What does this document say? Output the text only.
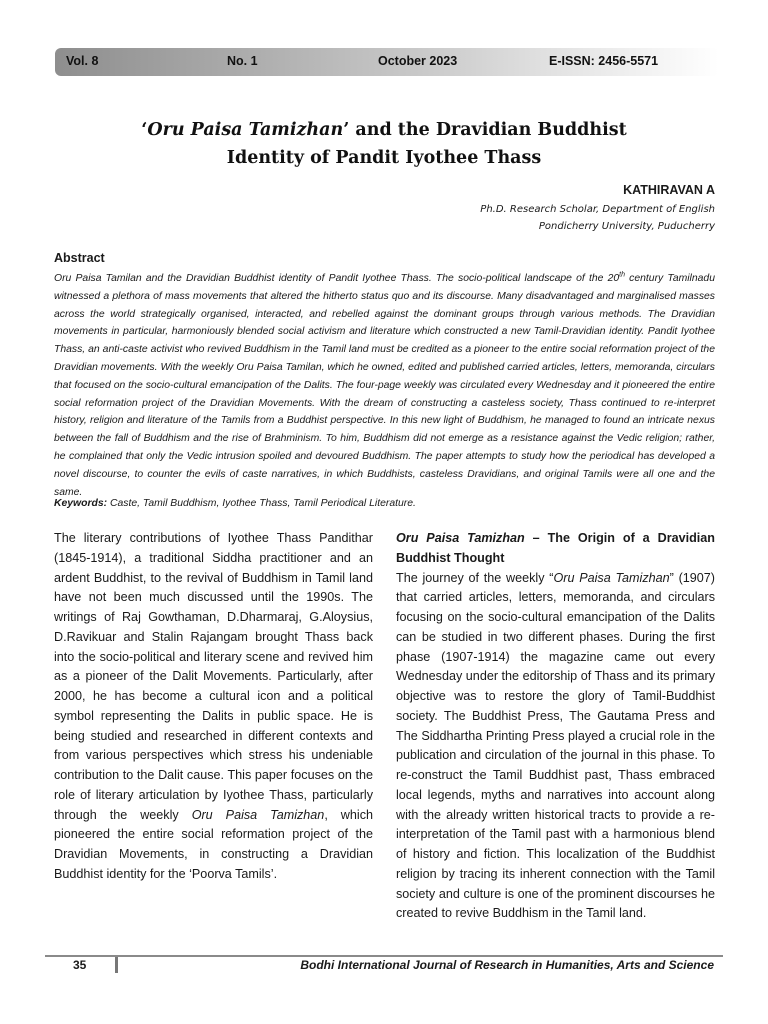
Vol. 8	No. 1	October 2023	E-ISSN: 2456-5571
‘Oru Paisa Tamizhan’ and the Dravidian Buddhist
Identity of Pandit Iyothee Thass
KATHIRAVAN A
Ph.D. Research Scholar, Department of English
Pondicherry University, Puducherry
Abstract

Oru Paisa Tamilan and the Dravidian Buddhist identity of Pandit Iyothee Thass. The socio-political landscape of the 20th century Tamilnadu witnessed a plethora of mass movements that altered the hitherto status quo and its discourse. Many disadvantaged and marginalised masses across the world strategically organised, interacted, and rebelled against the dominant groups through various methods. The Dravidian movements in particular, harmoniously blended social activism and literature which constructed a new Tamil-Dravidian identity. Pandit Iyothee Thass, an anti-caste activist who revived Buddhism in the Tamil land must be credited as a pioneer to the entire social reformation project of the Dravidian movements. With the weekly Oru Paisa Tamilan, which he owned, edited and published carried articles, letters, memoranda, circulars that focused on the socio-cultural emancipation of the Dalits. The four-page weekly was circulated every Wednesday and it pioneered the entire social reformation project of the Dravidian Movements. With the dream of constructing a casteless society, Thass continued to re-interpret history, religion and literature of the Tamils from a Buddhist perspective. In this new light of Buddhism, he managed to found an intricate nexus between the fall of Buddhism and the rise of Brahminism. To him, Buddhism did not emerge as a resistance against the Vedic religion; rather, he complained that only the Vedic intrusion spoiled and devoured Buddhism. The paper attempts to study how the periodical has developed a novel discourse, to counter the evils of caste narratives, in which Buddhists, casteless Dravidians, and original Tamils were all one and the same.

Keywords: Caste, Tamil Buddhism, Iyothee Thass, Tamil Periodical Literature.

The literary contributions of Iyothee Thass Pandithar (1845-1914), a traditional Siddha practitioner and an ardent Buddhist, to the revival of Buddhism in Tamil land have not been much discussed until the 1990s. The writings of Raj Gowthaman, D.Dharmaraj, G.Aloysius, D.Ravikuar and Stalin Rajangam brought Thass back into the socio-political and literary scene and revived him as a pioneer of the Dalit Movements. Particularly, after 2000, he has become a cultural icon and a political symbol representing the Dalits in public space. He is being studied and researched in different contexts and from various perspectives which stress his undeniable contribution to the Dalit cause. This paper focuses on the role of literary articulation by Iyothee Thass, particularly through the weekly Oru Paisa Tamizhan, which pioneered the entire social reformation project of the Dravidian Movements, in constructing a Dravidian Buddhist identity for the ‘Poorva Tamils’.

Oru Paisa Tamizhan – The Origin of a Dravidian Buddhist Thought

The journey of the weekly “Oru Paisa Tamizhan” (1907) that carried articles, letters, memoranda, and circulars focusing on the socio-cultural emancipation of the Dalits can be studied in two different phases. During the first phase (1907-1914) the magazine came out every Wednesday under the editorship of Thass and its primary objective was to restore the glory of Tamil-Buddhist society. The Buddhist Press, The Gautama Press and The Siddhartha Printing Press played a crucial role in the publication and circulation of the journal in this phase. To re-construct the Tamil Buddhist past, Thass embraced local legends, myths and narratives into account along with the already written historical tracts to provide a re-interpretation of the Tamil past with a harmonious blend of history and fiction. This localization of the Buddhist religion by tracing its inherent connection with the Tamil society and culture is one of the prominent discourses he created to revive Buddhism in the Tamil land.

35	Bodhi International Journal of Research in Humanities, Arts and Science
